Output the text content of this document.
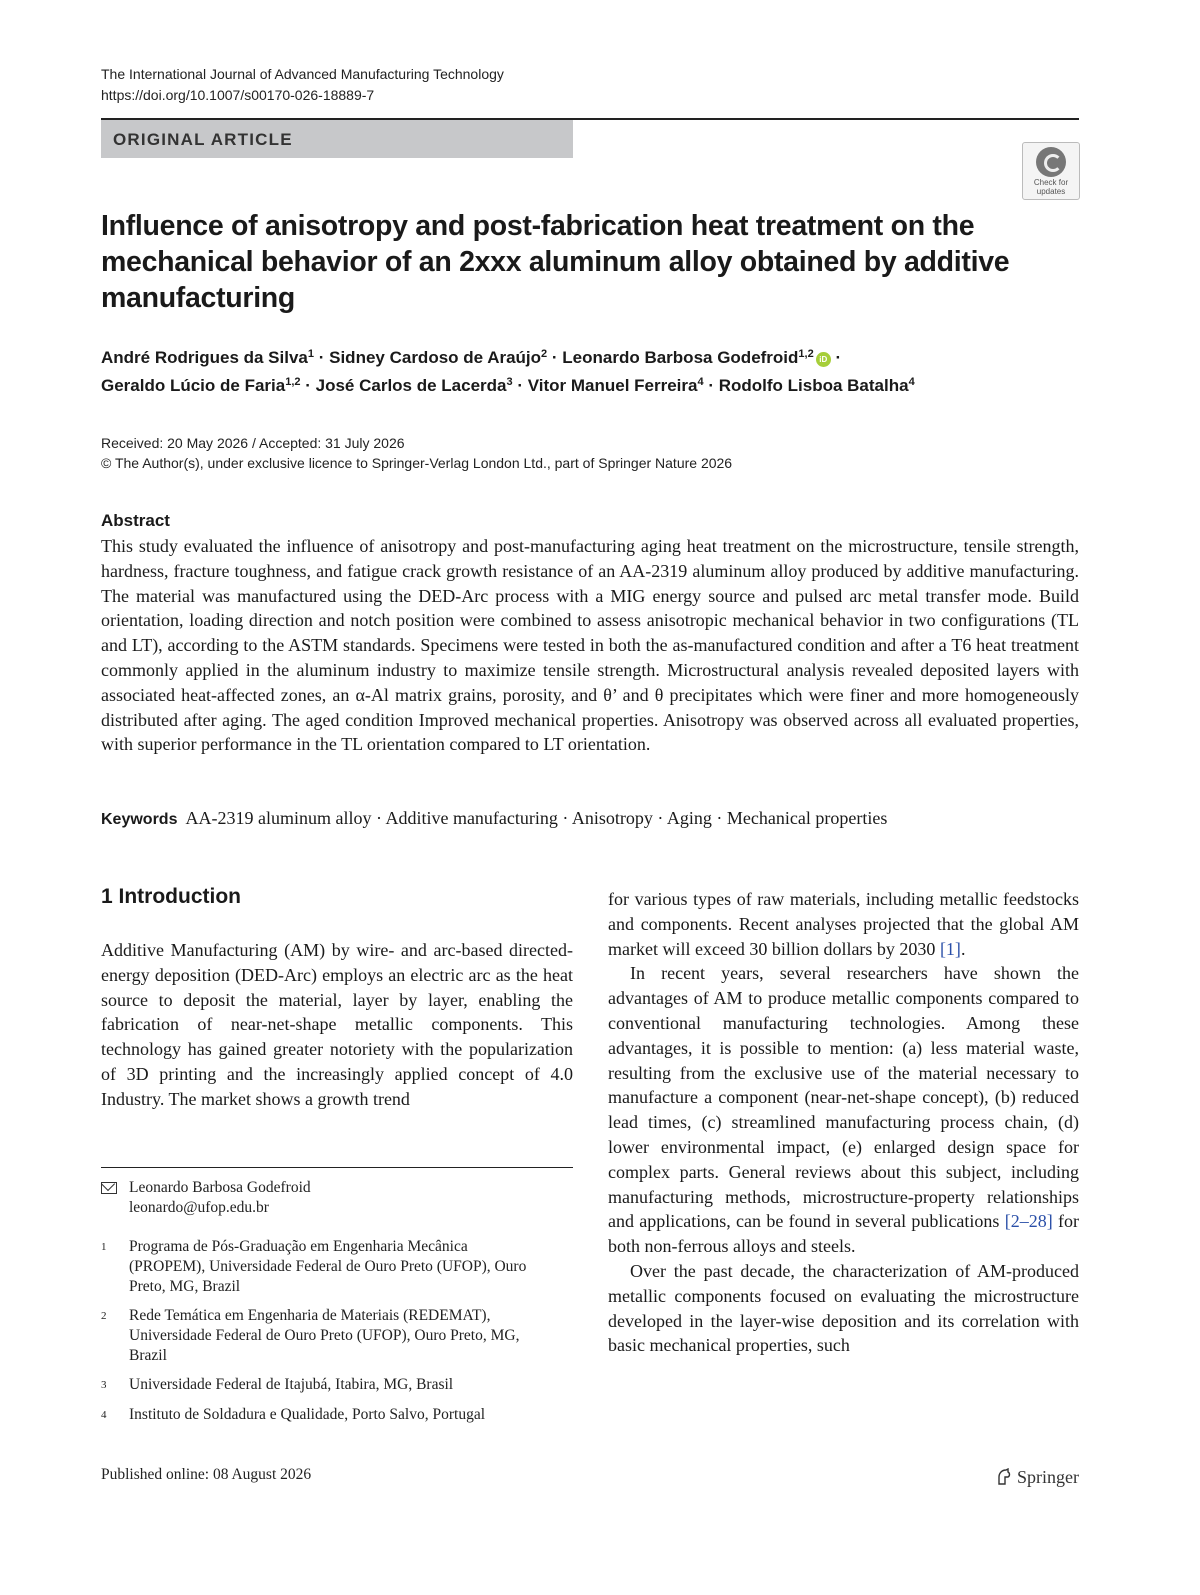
The International Journal of Advanced Manufacturing Technology
https://doi.org/10.1007/s00170-026-18889-7
ORIGINAL ARTICLE
Check for
updates
Influence of anisotropy and post-fabrication heat treatment on the
mechanical behavior of an 2xxx aluminum alloy obtained by additive
manufacturing
André Rodrigues da Silva$^1$ · Sidney Cardoso de Araújo$^2$ · Leonardo Barbosa Godefroid$^{1,2}$ iD ·
Geraldo Lúcio de Faria$^{1,2}$ · José Carlos de Lacerda$^3$ · Vitor Manuel Ferreira$^4$ · Rodolfo Lisboa Batalha$^4$
Received: 20 May 2026 / Accepted: 31 July 2026
© The Author(s), under exclusive licence to Springer-Verlag London Ltd., part of Springer Nature 2026
Abstract
This study evaluated the influence of anisotropy and post-manufacturing aging heat treatment on the microstructure, tensile strength, hardness, fracture toughness, and fatigue crack growth resistance of an AA-2319 aluminum alloy produced by additive manufacturing. The material was manufactured using the DED-Arc process with a MIG energy source and pulsed arc metal transfer mode. Build orientation, loading direction and notch position were combined to assess anisotropic mechanical behavior in two configurations (TL and LT), according to the ASTM standards. Specimens were tested in both the as-manufactured condition and after a T6 heat treatment commonly applied in the aluminum industry to maximize tensile strength. Microstructural analysis revealed deposited layers with associated heat-affected zones, an α-Al matrix grains, porosity, and θ’ and θ precipitates which were finer and more homogeneously distributed after aging. The aged condition Improved mechanical properties. Anisotropy was observed across all evaluated properties, with superior performance in the TL orientation compared to LT orientation.
Keywords AA-2319 aluminum alloy · Additive manufacturing · Anisotropy · Aging · Mechanical properties
1 Introduction

Additive Manufacturing (AM) by wire- and arc-based directed-energy deposition (DED-Arc) employs an electric arc as the heat source to deposit the material, layer by layer, enabling the fabrication of near-net-shape metallic components. This technology has gained greater notoriety with the popularization of 3D printing and the increasingly applied concept of 4.0 Industry. The market shows a growth trend

for various types of raw materials, including metallic feedstocks and components. Recent analyses projected that the global AM market will exceed 30 billion dollars by 2030 [1].

In recent years, several researchers have shown the advantages of AM to produce metallic components compared to conventional manufacturing technologies. Among these advantages, it is possible to mention: (a) less material waste, resulting from the exclusive use of the material necessary to manufacture a component (near-net-shape concept), (b) reduced lead times, (c) streamlined manufacturing process chain, (d) lower environmental impact, (e) enlarged design space for complex parts. General reviews about this subject, including manufacturing methods, microstructure-property relationships and applications, can be found in several publications [2–28] for both non-ferrous alloys and steels.

Over the past decade, the characterization of AM-produced metallic components focused on evaluating the microstructure developed in the layer-wise deposition and its correlation with basic mechanical properties, such

Leonardo Barbosa Godefroid
leonardo@ufop.edu.br
1 Programa de Pós-Graduação em Engenharia Mecânica (PROPEM), Universidade Federal de Ouro Preto (UFOP), Ouro Preto, MG, Brazil
2 Rede Temática em Engenharia de Materiais (REDEMAT), Universidade Federal de Ouro Preto (UFOP), Ouro Preto, MG, Brazil
3 Universidade Federal de Itajubá, Itabira, MG, Brasil
4 Instituto de Soldadura e Qualidade, Porto Salvo, Portugal
Published online: 08 August 2026	Springer
